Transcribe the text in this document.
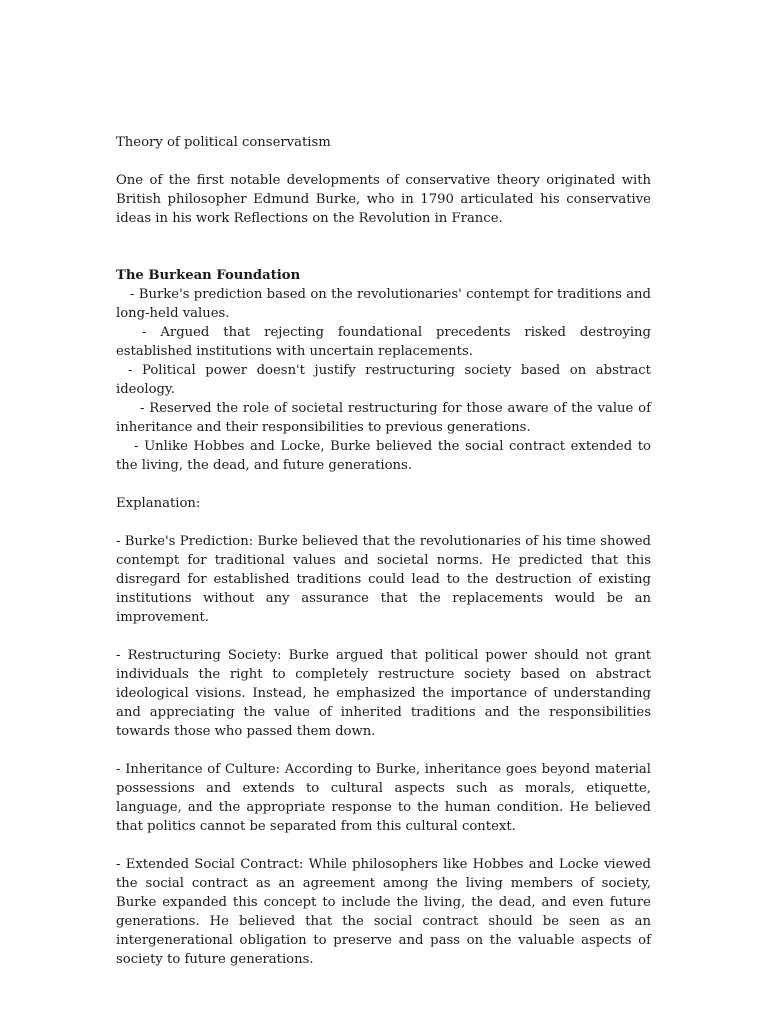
Theory of political conservatism

One of the first notable developments of conservative theory originated with British philosopher Edmund Burke, who in 1790 articulated his conservative ideas in his work Reflections on the Revolution in France.

The Burkean Foundation

- Burke's prediction based on the revolutionaries' contempt for traditions and long-held values.

- Argued that rejecting foundational precedents risked destroying established institutions with uncertain replacements.

- Political power doesn't justify restructuring society based on abstract ideology.

- Reserved the role of societal restructuring for those aware of the value of inheritance and their responsibilities to previous generations.

- Unlike Hobbes and Locke, Burke believed the social contract extended to the living, the dead, and future generations.

Explanation:

- Burke's Prediction: Burke believed that the revolutionaries of his time showed contempt for traditional values and societal norms. He predicted that this disregard for established traditions could lead to the destruction of existing institutions without any assurance that the replacements would be an improvement.

- Restructuring Society: Burke argued that political power should not grant individuals the right to completely restructure society based on abstract ideological visions. Instead, he emphasized the importance of understanding and appreciating the value of inherited traditions and the responsibilities towards those who passed them down.

- Inheritance of Culture: According to Burke, inheritance goes beyond material possessions and extends to cultural aspects such as morals, etiquette, language, and the appropriate response to the human condition. He believed that politics cannot be separated from this cultural context.

- Extended Social Contract: While philosophers like Hobbes and Locke viewed the social contract as an agreement among the living members of society, Burke expanded this concept to include the living, the dead, and even future generations. He believed that the social contract should be seen as an intergenerational obligation to preserve and pass on the valuable aspects of society to future generations.
